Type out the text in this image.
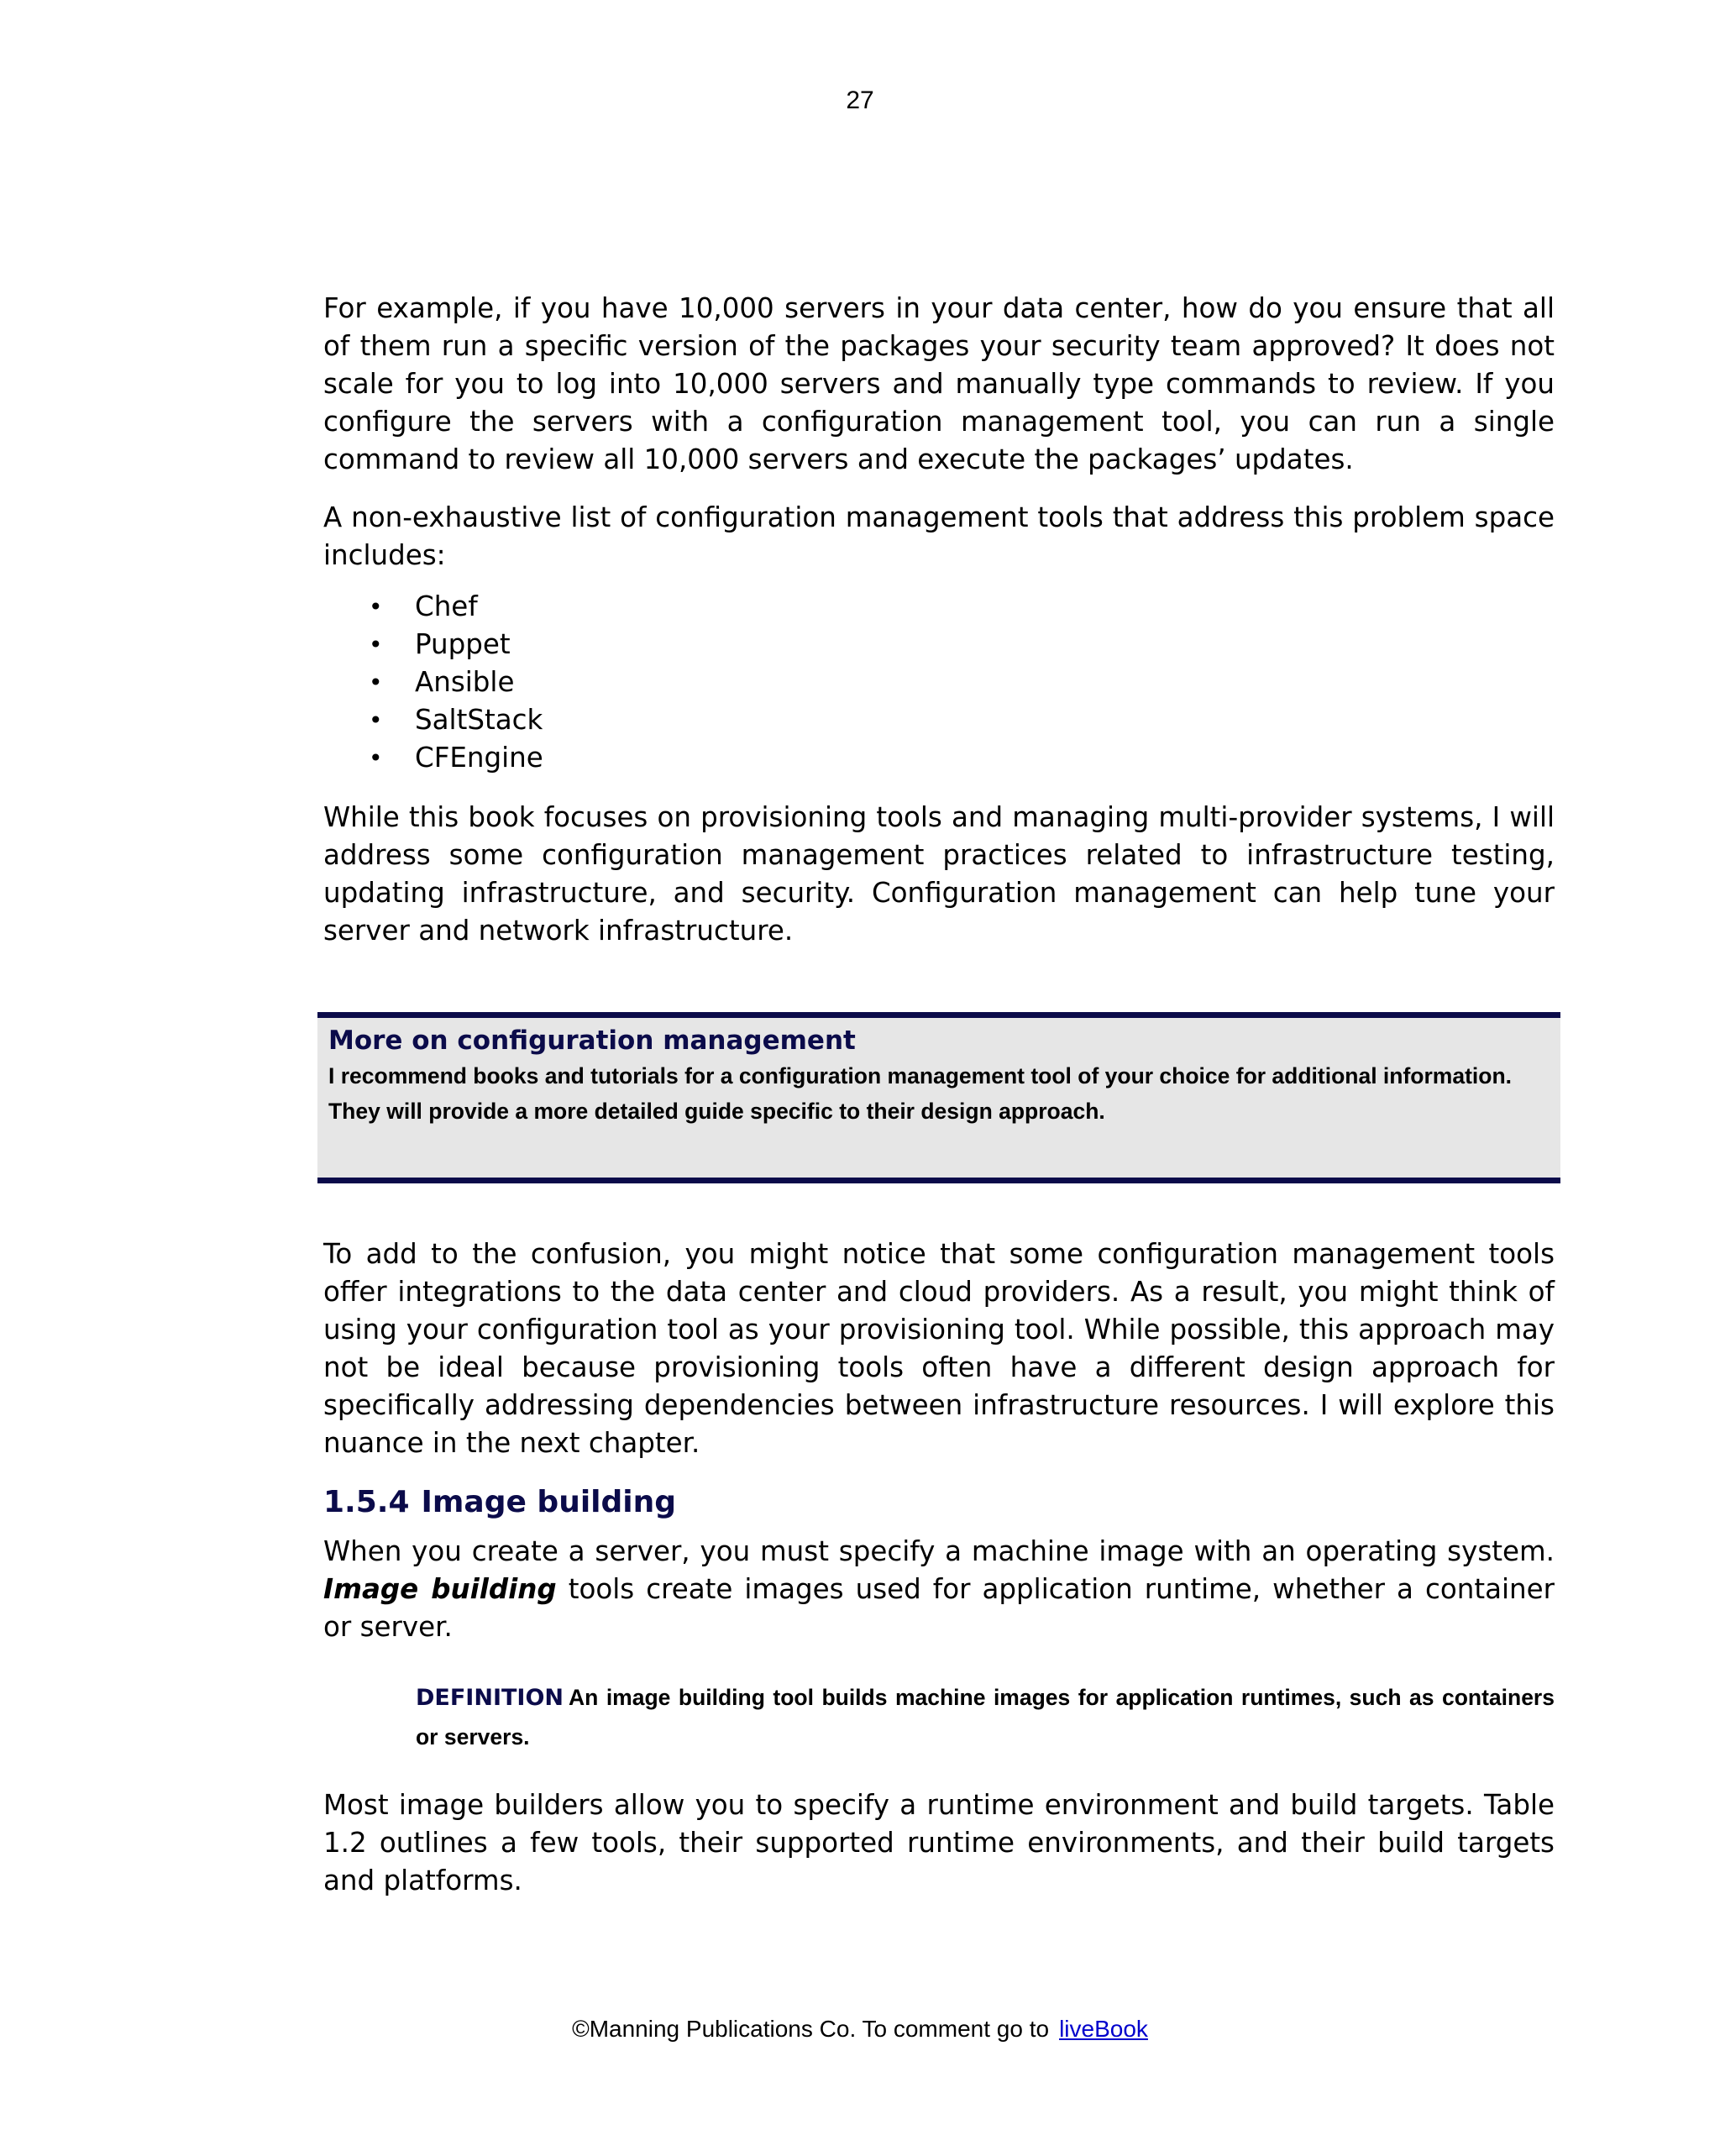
27

For example, if you have 10,000 servers in your data center, how do you ensure that all of them run a specific version of the packages your security team approved? It does not scale for you to log into 10,000 servers and manually type commands to review. If you configure the servers with a configuration management tool, you can run a single command to review all 10,000 servers and execute the packages’ updates.

A non-exhaustive list of configuration management tools that address this problem space includes:

• Chef
• Puppet
• Ansible
• SaltStack
• CFEngine

While this book focuses on provisioning tools and managing multi-provider systems, I will address some configuration management practices related to infrastructure testing, updating infrastructure, and security. Configuration management can help tune your server and network infrastructure.

More on configuration management

I recommend books and tutorials for a configuration management tool of your choice for additional information. They will provide a more detailed guide specific to their design approach.

To add to the confusion, you might notice that some configuration management tools offer integrations to the data center and cloud providers. As a result, you might think of using your configuration tool as your provisioning tool. While possible, this approach may not be ideal because provisioning tools often have a different design approach for specifically addressing dependencies between infrastructure resources. I will explore this nuance in the next chapter.

1.5.4 Image building

When you create a server, you must specify a machine image with an operating system. Image building tools create images used for application runtime, whether a container or server.

DEFINITION An image building tool builds machine images for application runtimes, such as containers or servers.

Most image builders allow you to specify a runtime environment and build targets. Table 1.2 outlines a few tools, their supported runtime environments, and their build targets and platforms.

©Manning Publications Co. To comment go to liveBook
